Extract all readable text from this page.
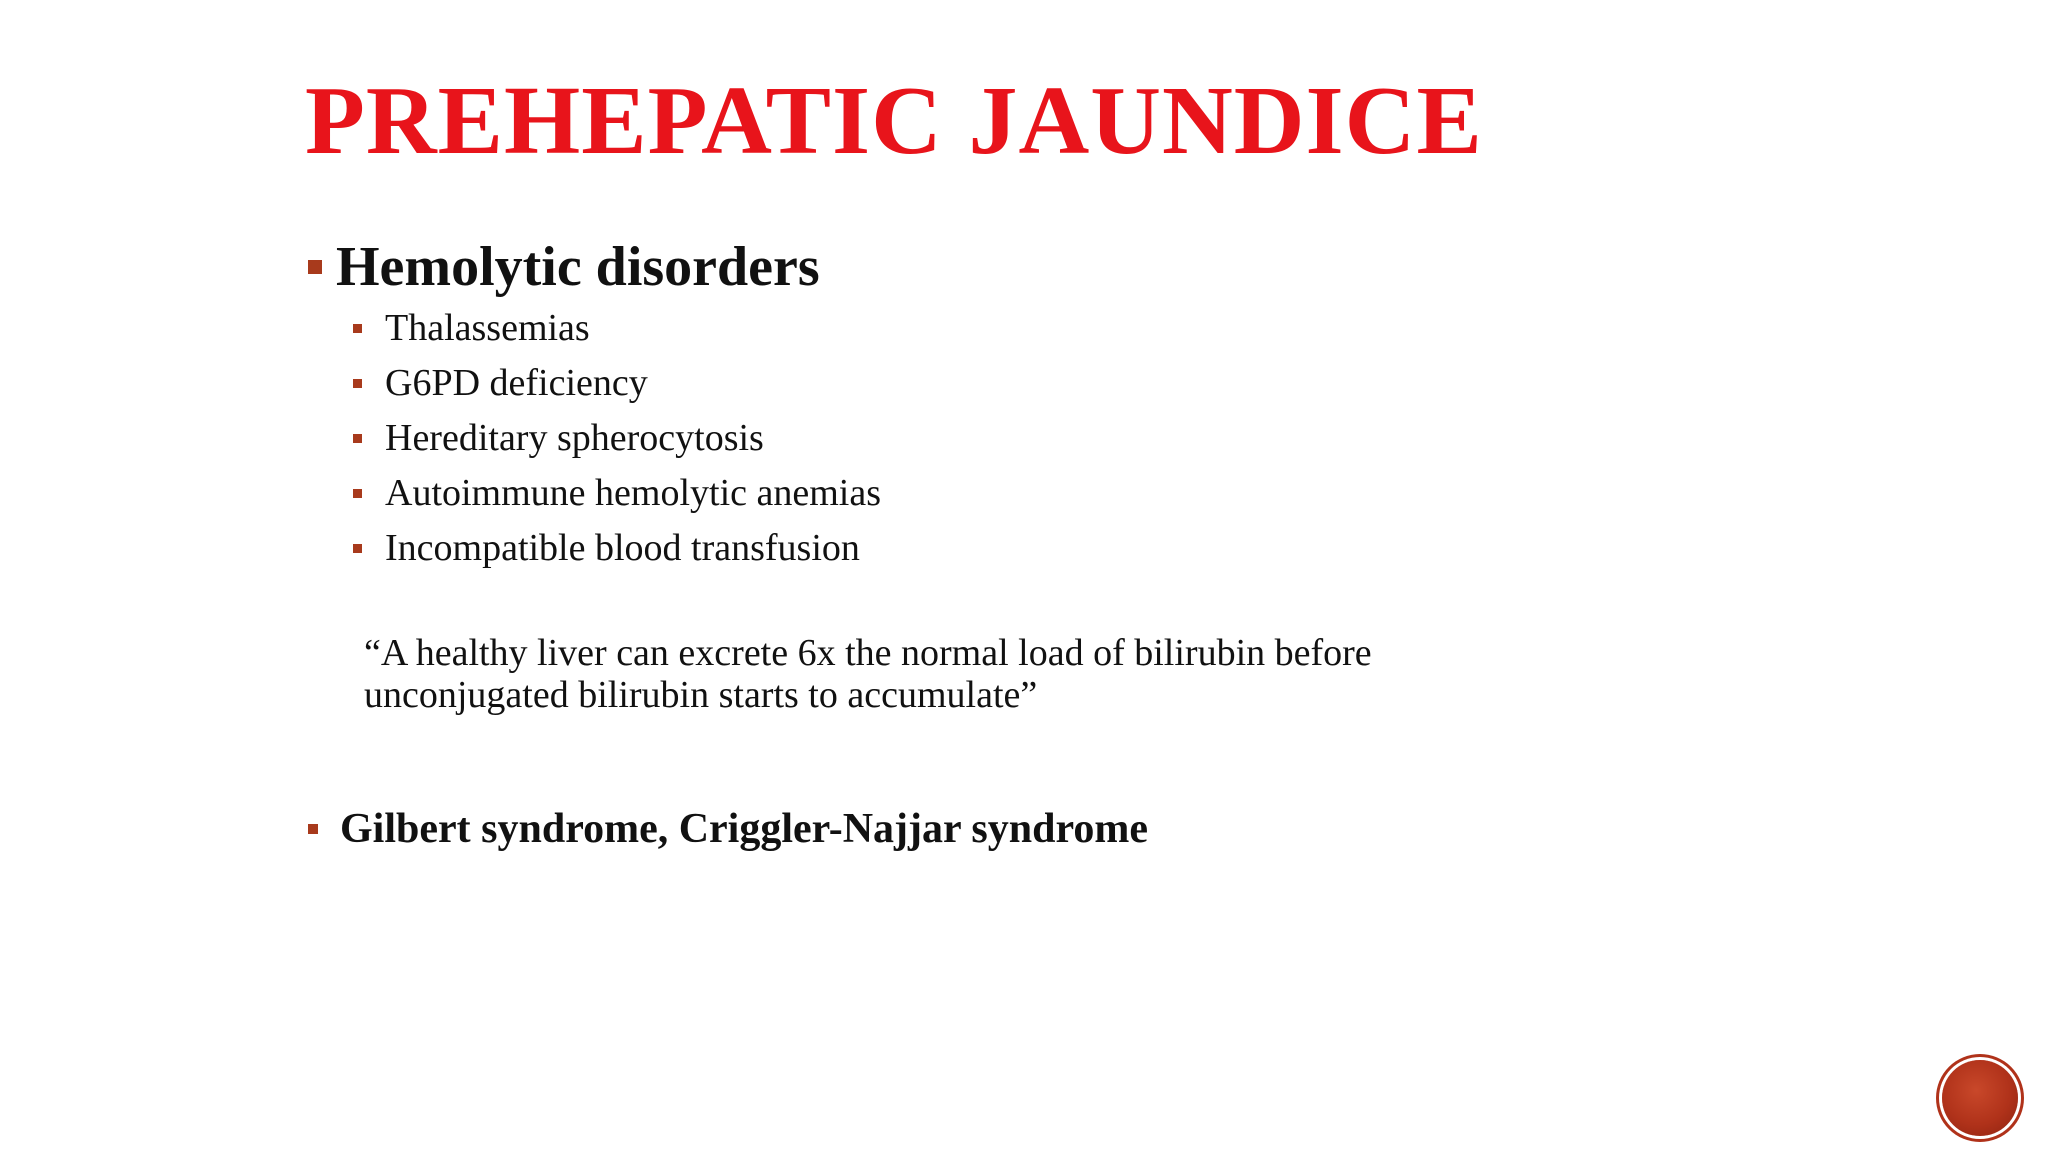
PREHEPATIC JAUNDICE
Hemolytic disorders
Thalassemias
G6PD deficiency
Hereditary spherocytosis
Autoimmune hemolytic anemias
Incompatible blood transfusion

“A healthy liver can excrete 6x the normal load of bilirubin before
unconjugated bilirubin starts to accumulate”

Gilbert syndrome, Criggler-Najjar syndrome
